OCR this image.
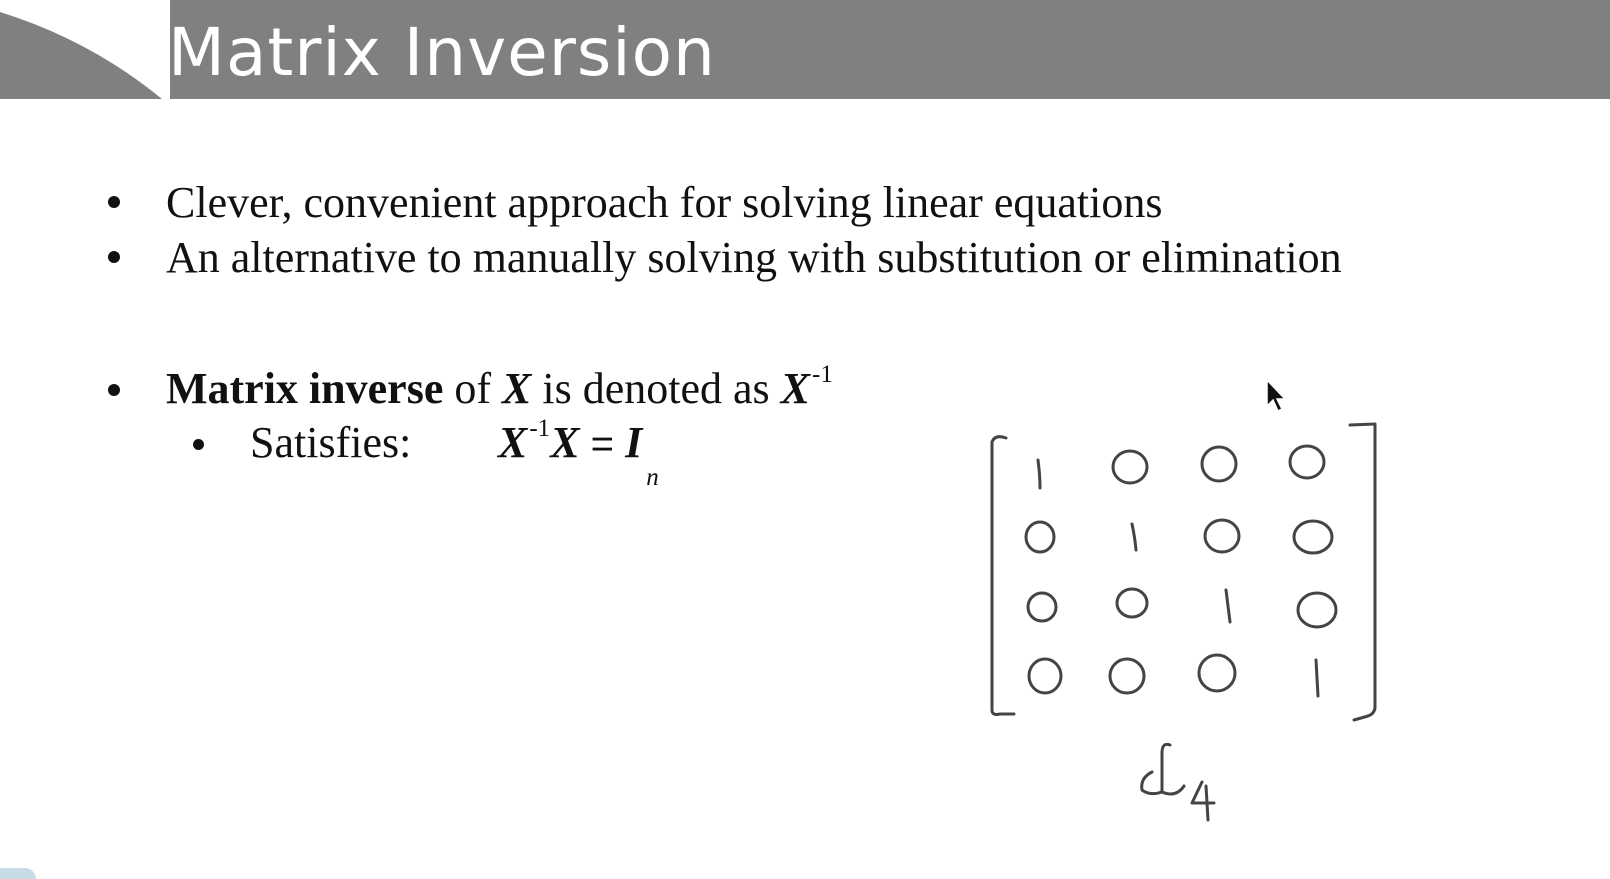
Matrix Inversion
Clever, convenient approach for solving linear equations
An alternative to manually solving with substitution or elimination
Matrix inverse of X is denoted as $X^{-1}$
Satisfies: $X^{-1}X = I_n$
